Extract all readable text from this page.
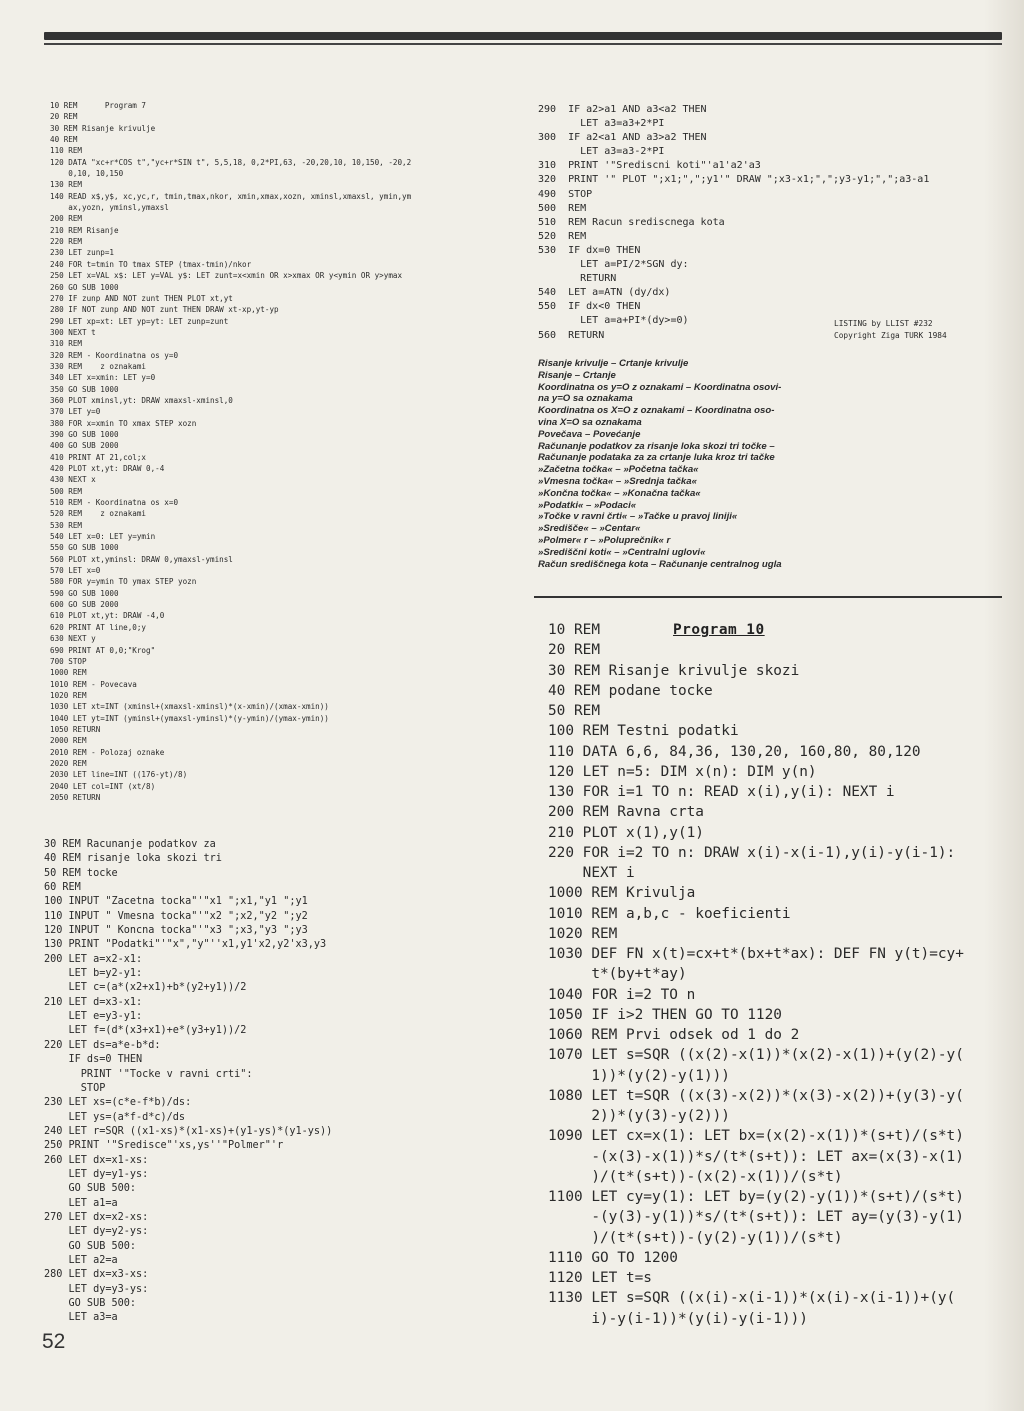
10 REM      Program 7
20 REM
30 REM Risanje krivulje
40 REM
110 REM
120 DATA "xc+r*COS t","yc+r*SIN t", 5,5,18, 0,2*PI,63, -20,20,10, 10,150, -20,2
0,10, 10,150
130 REM
140 READ x$,y$, xc,yc,r, tmin,tmax,nkor, xmin,xmax,xozn, xminsl,xmaxsl, ymin,ym
ax,yozn, yminsl,ymaxsl
200 REM
210 REM Risanje
220 REM
230 LET zunp=1
240 FOR t=tmin TO tmax STEP (tmax-tmin)/nkor
250 LET x=VAL x$: LET y=VAL y$: LET zunt=x<xmin OR x>xmax OR y<ymin OR y>ymax
260 GO SUB 1000
270 IF zunp AND NOT zunt THEN PLOT xt,yt
280 IF NOT zunp AND NOT zunt THEN DRAW xt-xp,yt-yp
290 LET xp=xt: LET yp=yt: LET zunp=zunt
300 NEXT t
310 REM
320 REM - Koordinatna os y=0
330 REM    z oznakami
340 LET x=xmin: LET y=0
350 GO SUB 1000
360 PLOT xminsl,yt: DRAW xmaxsl-xminsl,0
370 LET y=0
380 FOR x=xmin TO xmax STEP xozn
390 GO SUB 1000
400 GO SUB 2000
410 PRINT AT 21,col;x
420 PLOT xt,yt: DRAW 0,-4
430 NEXT x
500 REM
510 REM - Koordinatna os x=0
520 REM    z oznakami
530 REM
540 LET x=0: LET y=ymin
550 GO SUB 1000
560 PLOT xt,yminsl: DRAW 0,ymaxsl-yminsl
570 LET x=0
580 FOR y=ymin TO ymax STEP yozn
590 GO SUB 1000
600 GO SUB 2000
610 PLOT xt,yt: DRAW -4,0
620 PRINT AT line,0;y
630 NEXT y
690 PRINT AT 0,0;"Krog"
700 STOP
1000 REM
1010 REM - Povecava
1020 REM
1030 LET xt=INT (xminsl+(xmaxsl-xminsl)*(x-xmin)/(xmax-xmin))
1040 LET yt=INT (yminsl+(ymaxsl-yminsl)*(y-ymin)/(ymax-ymin))
1050 RETURN
2000 REM
2010 REM - Polozaj oznake
2020 REM
2030 LET line=INT ((176-yt)/8)
2040 LET col=INT (xt/8)
2050 RETURN
290  IF a2>a1 AND a3<a2 THEN
LET a3=a3+2*PI
300  IF a2<a1 AND a3>a2 THEN
LET a3=a3-2*PI
310  PRINT '"Srediscni koti"'a1'a2'a3
320  PRINT '" PLOT ";x1;",";y1'" DRAW ";x3-x1;",";y3-y1;",";a3-a1
490  STOP
500  REM
510  REM Racun srediscnega kota
520  REM
530  IF dx=0 THEN
LET a=PI/2*SGN dy:
RETURN
540  LET a=ATN (dy/dx)
550  IF dx<0 THEN
LET a=a+PI*(dy>=0)
560  RETURN
LISTING by LLIST #232
Copyright Ziga TURK 1984
Risanje krivulje – Crtanje krivulje
Risanje – Crtanje
Koordinatna os y=O z oznakami – Koordinatna osovi-
na y=O sa oznakama
Koordinatna os X=O z oznakami – Koordinatna oso-
vina X=O sa oznakama
Povečava – Povećanje
Računanje podatkov za risanje loka skozi tri točke –
Računanje podataka za za crtanje luka kroz tri tačke
»Začetna točka« – »Početna tačka«
»Vmesna točka« – »Srednja tačka«
»Končna točka« – »Konačna tačka«
»Podatki« – »Podaci«
»Točke v ravni črti« – »Tačke u pravoj liniji«
»Središče« – »Centar«
»Polmer« r – »Poluprečnik« r
»Središčni koti« – »Centralni uglovi«
Račun središčnega kota – Računanje centralnog ugla
30 REM Racunanje podatkov za
40 REM risanje loka skozi tri
50 REM tocke
60 REM
100 INPUT "Zacetna tocka"'"x1 ";x1,"y1 ";y1
110 INPUT " Vmesna tocka"'"x2 ";x2,"y2 ";y2
120 INPUT " Koncna tocka"'"x3 ";x3,"y3 ";y3
130 PRINT "Podatki"'"x","y"''x1,y1'x2,y2'x3,y3
200 LET a=x2-x1:
LET b=y2-y1:
LET c=(a*(x2+x1)+b*(y2+y1))/2
210 LET d=x3-x1:
LET e=y3-y1:
LET f=(d*(x3+x1)+e*(y3+y1))/2
220 LET ds=a*e-b*d:
IF ds=0 THEN
PRINT '"Tocke v ravni crti":
STOP
230 LET xs=(c*e-f*b)/ds:
LET ys=(a*f-d*c)/ds
240 LET r=SQR ((x1-xs)*(x1-xs)+(y1-ys)*(y1-ys))
250 PRINT '"Sredisce"'xs,ys''"Polmer"'r
260 LET dx=x1-xs:
LET dy=y1-ys:
GO SUB 500:
LET a1=a
270 LET dx=x2-xs:
LET dy=y2-ys:
GO SUB 500:
LET a2=a
280 LET dx=x3-xs:
LET dy=y3-ys:
GO SUB 500:
LET a3=a
10 REM
20 REM
30 REM Risanje krivulje skozi
40 REM podane tocke
50 REM
100 REM Testni podatki
110 DATA 6,6, 84,36, 130,20, 160,80, 80,120
120 LET n=5: DIM x(n): DIM y(n)
130 FOR i=1 TO n: READ x(i),y(i): NEXT i
200 REM Ravna crta
210 PLOT x(1),y(1)
220 FOR i=2 TO n: DRAW x(i)-x(i-1),y(i)-y(i-1):
NEXT i
1000 REM Krivulja
1010 REM a,b,c - koeficienti
1020 REM
1030 DEF FN x(t)=cx+t*(bx+t*ax): DEF FN y(t)=cy+
t*(by+t*ay)
1040 FOR i=2 TO n
1050 IF i>2 THEN GO TO 1120
1060 REM Prvi odsek od 1 do 2
1070 LET s=SQR ((x(2)-x(1))*(x(2)-x(1))+(y(2)-y(
1))*(y(2)-y(1)))
1080 LET t=SQR ((x(3)-x(2))*(x(3)-x(2))+(y(3)-y(
2))*(y(3)-y(2)))
1090 LET cx=x(1): LET bx=(x(2)-x(1))*(s+t)/(s*t)
-(x(3)-x(1))*s/(t*(s+t)): LET ax=(x(3)-x(1)
)/(t*(s+t))-(x(2)-x(1))/(s*t)
1100 LET cy=y(1): LET by=(y(2)-y(1))*(s+t)/(s*t)
-(y(3)-y(1))*s/(t*(s+t)): LET ay=(y(3)-y(1)
)/(t*(s+t))-(y(2)-y(1))/(s*t)
1110 GO TO 1200
1120 LET t=s
1130 LET s=SQR ((x(i)-x(i-1))*(x(i)-x(i-1))+(y(
i)-y(i-1))*(y(i)-y(i-1)))
Program 10
52
